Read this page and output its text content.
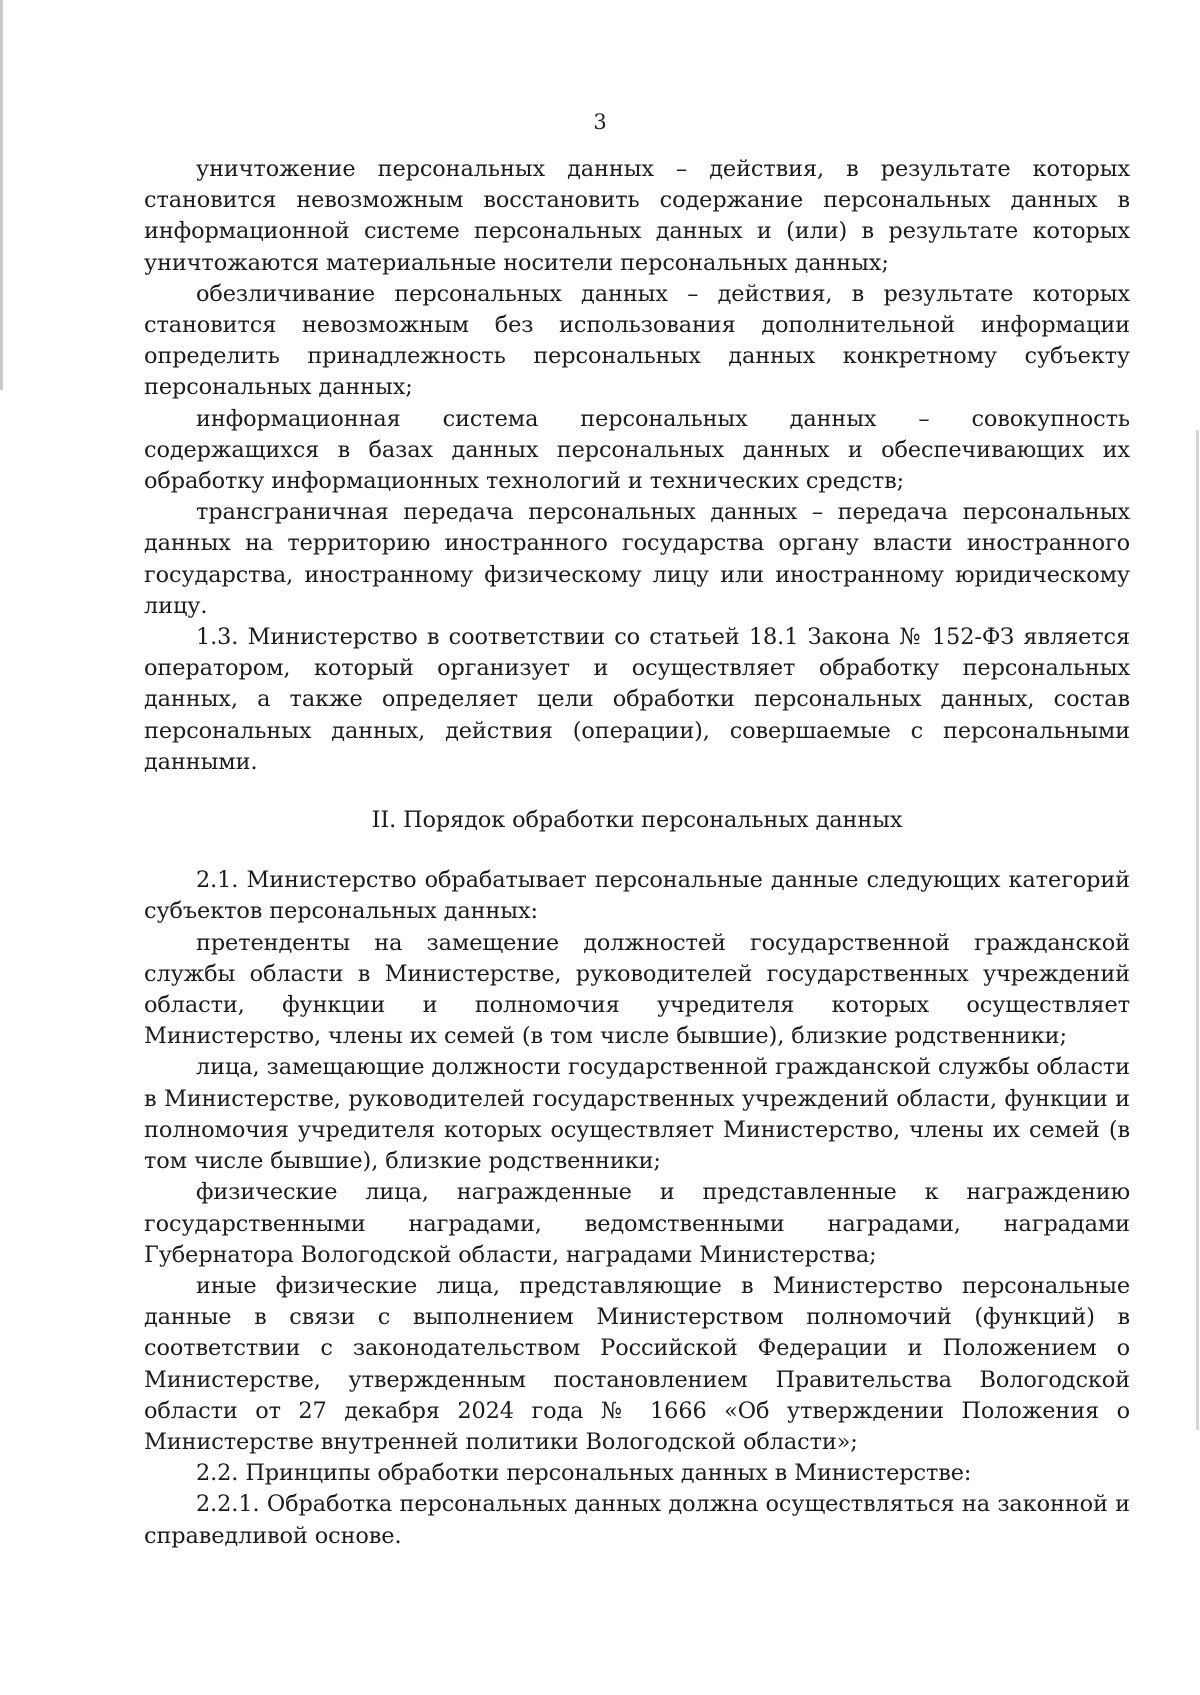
3

уничтожение персональных данных – действия, в результате которых становится невозможным восстановить содержание персональных данных в информационной системе персональных данных и (или) в результате которых уничтожаются материальные носители персональных данных;

обезличивание персональных данных – действия, в результате которых становится невозможным без использования дополнительной информации определить принадлежность персональных данных конкретному субъекту персональных данных;

информационная система персональных данных – совокупность содержащихся в базах данных персональных данных и обеспечивающих их обработку информационных технологий и технических средств;

трансграничная передача персональных данных – передача персональных данных на территорию иностранного государства органу власти иностранного государства, иностранному физическому лицу или иностранному юридическому лицу.

1.3. Министерство в соответствии со статьей 18.1 Закона № 152-ФЗ является оператором, который организует и осуществляет обработку персональных данных, а также определяет цели обработки персональных данных, состав персональных данных, действия (операции), совершаемые с персональными данными.

II. Порядок обработки персональных данных

2.1. Министерство обрабатывает персональные данные следующих категорий субъектов персональных данных:

претенденты на замещение должностей государственной гражданской службы области в Министерстве, руководителей государственных учреждений области, функции и полномочия учредителя которых осуществляет Министерство, члены их семей (в том числе бывшие), близкие родственники;

лица, замещающие должности государственной гражданской службы области в Министерстве, руководителей государственных учреждений области, функции и полномочия учредителя которых осуществляет Министерство, члены их семей (в том числе бывшие), близкие родственники;

физические лица, награжденные и представленные к награждению государственными наградами, ведомственными наградами, наградами Губернатора Вологодской области, наградами Министерства;

иные физические лица, представляющие в Министерство персональные данные в связи с выполнением Министерством полномочий (функций) в соответствии с законодательством Российской Федерации и Положением о Министерстве, утвержденным постановлением Правительства Вологодской области от 27 декабря 2024 года № 1666 «Об утверждении Положения о Министерстве внутренней политики Вологодской области»;

2.2. Принципы обработки персональных данных в Министерстве:

2.2.1. Обработка персональных данных должна осуществляться на законной и справедливой основе.
